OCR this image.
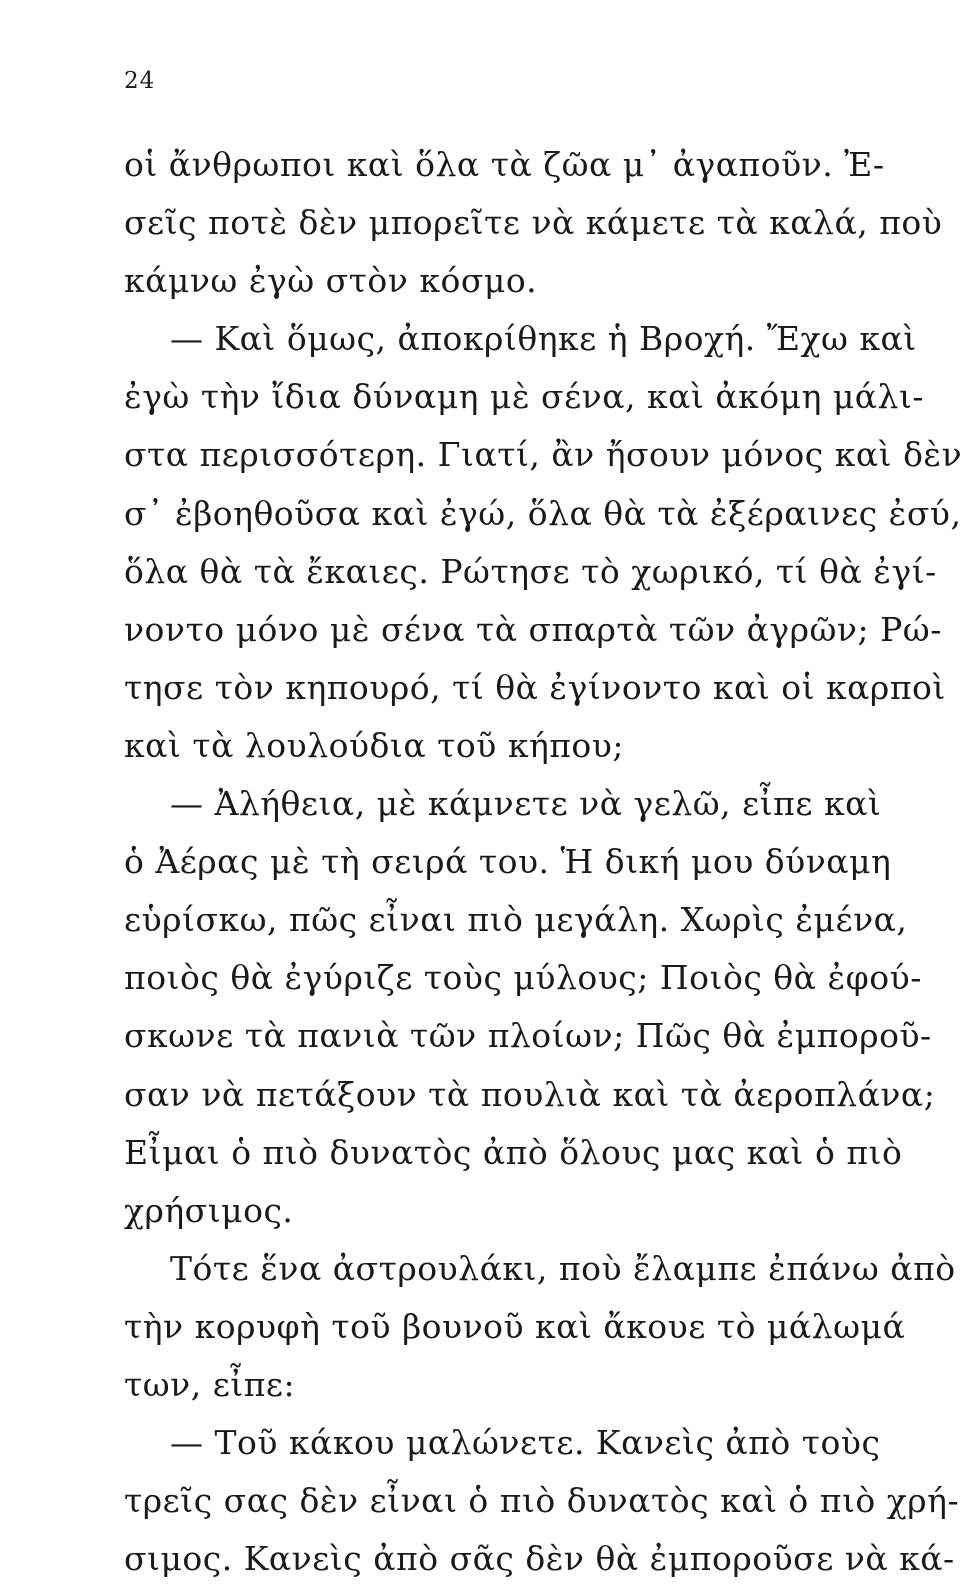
24
οἱ ἄνθρωποι καὶ ὅλα τὰ ζῶα μ᾽ ἀγαποῦν. Ἐ-
σεῖς ποτὲ δὲν μπορεῖτε νὰ κάμετε τὰ καλά, ποὺ
κάμνω ἐγὼ στὸν κόσμο.
— Καὶ ὅμως, ἀποκρίθηκε ἡ Βροχή. Ἔχω καὶ
ἐγὼ τὴν ἴδια δύναμη μὲ σένα, καὶ ἀκόμη μάλι-
στα περισσότερη. Γιατί, ἂν ἤσουν μόνος καὶ δὲν
σ᾽ ἐβοηθοῦσα καὶ ἐγώ, ὅλα θὰ τὰ ἐξέραινες ἐσύ,
ὅλα θὰ τὰ ἔκαιες. Ρώτησε τὸ χωρικό, τί θὰ ἐγί-
νοντο μόνο μὲ σένα τὰ σπαρτὰ τῶν ἀγρῶν; Ρώ-
τησε τὸν κηπουρό, τί θὰ ἐγίνοντο καὶ οἱ καρποὶ
καὶ τὰ λουλούδια τοῦ κήπου;
— Ἀλήθεια, μὲ κάμνετε νὰ γελῶ, εἶπε καὶ
ὁ Ἀέρας μὲ τὴ σειρά του. Ἡ δική μου δύναμη
εὑρίσκω, πῶς εἶναι πιὸ μεγάλη. Χωρὶς ἐμένα,
ποιὸς θὰ ἐγύριζε τοὺς μύλους; Ποιὸς θὰ ἐφού-
σκωνε τὰ πανιὰ τῶν πλοίων; Πῶς θὰ ἐμποροῦ-
σαν νὰ πετάξουν τὰ πουλιὰ καὶ τὰ ἀεροπλάνα;
Εἶμαι ὁ πιὸ δυνατὸς ἀπὸ ὅλους μας καὶ ὁ πιὸ
χρήσιμος.
Τότε ἕνα ἀστρουλάκι, ποὺ ἔλαμπε ἐπάνω ἀπὸ
τὴν κορυφὴ τοῦ βουνοῦ καὶ ἄκουε τὸ μάλωμά
των, εἶπε:
— Τοῦ κάκου μαλώνετε. Κανεὶς ἀπὸ τοὺς
τρεῖς σας δὲν εἶναι ὁ πιὸ δυνατὸς καὶ ὁ πιὸ χρή-
σιμος. Κανεὶς ἀπὸ σᾶς δὲν θὰ ἐμποροῦσε νὰ κά-
